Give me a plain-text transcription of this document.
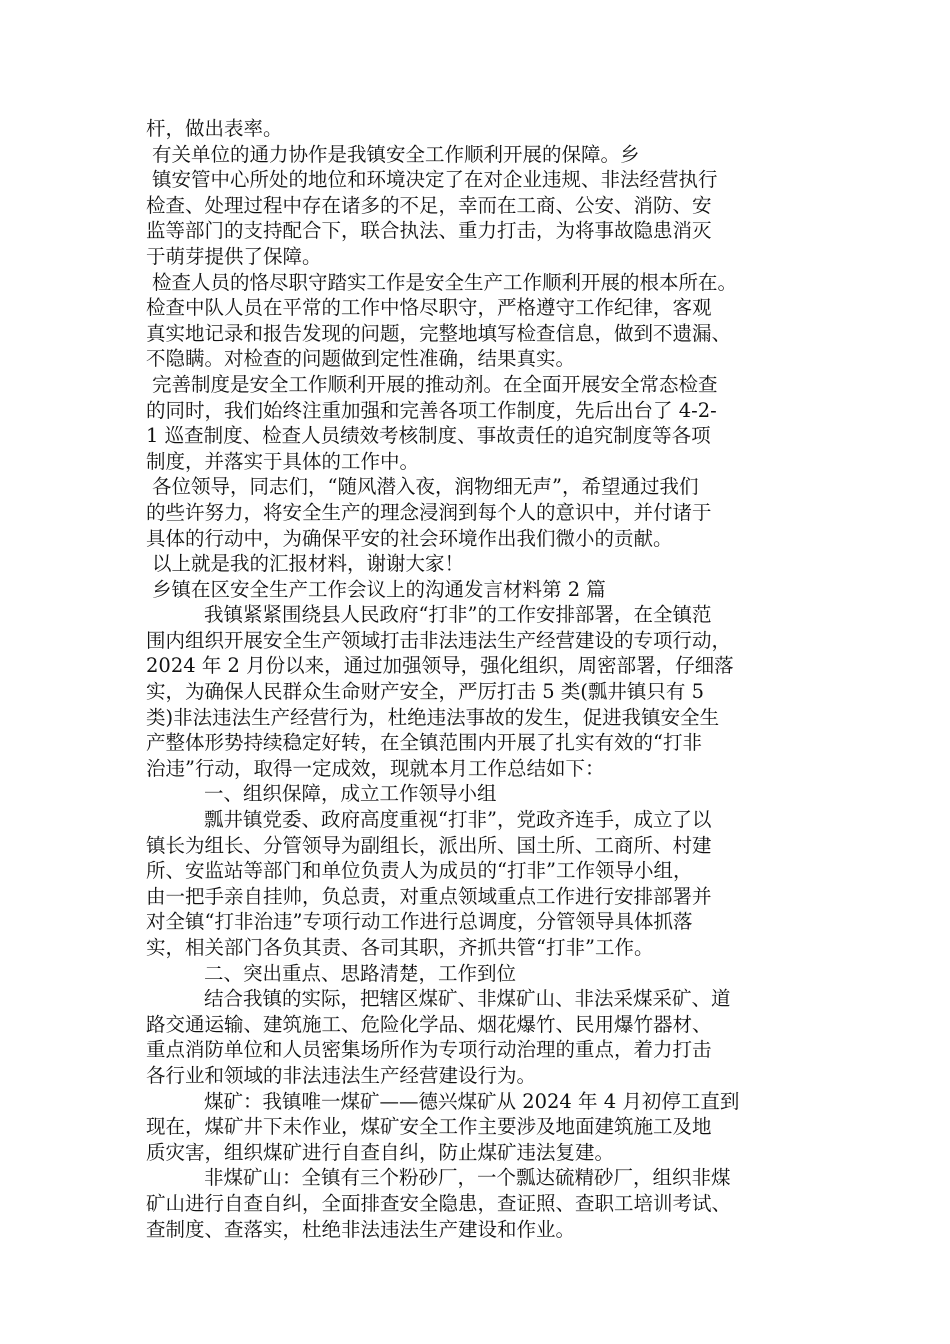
杆，做出表率。
有关单位的通力协作是我镇安全工作顺利开展的保障。乡
镇安管中心所处的地位和环境决定了在对企业违规、非法经营执行
检查、处理过程中存在诸多的不足，幸而在工商、公安、消防、安
监等部门的支持配合下，联合执法、重力打击，为将事故隐患消灭
于萌芽提供了保障。
检查人员的恪尽职守踏实工作是安全生产工作顺利开展的根本所在。
检查中队人员在平常的工作中恪尽职守，严格遵守工作纪律，客观
真实地记录和报告发现的问题，完整地填写检查信息，做到不遗漏、
不隐瞒。对检查的问题做到定性准确，结果真实。
完善制度是安全工作顺利开展的推动剂。在全面开展安全常态检查
的同时，我们始终注重加强和完善各项工作制度，先后出台了 4-2-
1 巡查制度、检查人员绩效考核制度、事故责任的追究制度等各项
制度，并落实于具体的工作中。
各位领导，同志们，“随风潜入夜，润物细无声”，希望通过我们
的些许努力，将安全生产的理念浸润到每个人的意识中，并付诸于
具体的行动中，为确保平安的社会环境作出我们微小的贡献。
以上就是我的汇报材料，谢谢大家！
乡镇在区安全生产工作会议上的沟通发言材料第 2 篇
我镇紧紧围绕县人民政府“打非”的工作安排部署，在全镇范
围内组织开展安全生产领域打击非法违法生产经营建设的专项行动，
2024 年 2 月份以来，通过加强领导，强化组织，周密部署，仔细落
实，为确保人民群众生命财产安全，严厉打击 5 类(瓢井镇只有 5
类)非法违法生产经营行为，杜绝违法事故的发生，促进我镇安全生
产整体形势持续稳定好转，在全镇范围内开展了扎实有效的“打非
治违”行动，取得一定成效，现就本月工作总结如下：
一、组织保障，成立工作领导小组
瓢井镇党委、政府高度重视“打非”，党政齐连手，成立了以
镇长为组长、分管领导为副组长，派出所、国土所、工商所、村建
所、安监站等部门和单位负责人为成员的“打非”工作领导小组，
由一把手亲自挂帅，负总责，对重点领域重点工作进行安排部署并
对全镇“打非治违”专项行动工作进行总调度，分管领导具体抓落
实，相关部门各负其责、各司其职，齐抓共管“打非”工作。
二、突出重点、思路清楚，工作到位
结合我镇的实际，把辖区煤矿、非煤矿山、非法采煤采矿、道
路交通运输、建筑施工、危险化学品、烟花爆竹、民用爆竹器材、
重点消防单位和人员密集场所作为专项行动治理的重点，着力打击
各行业和领域的非法违法生产经营建设行为。
煤矿：我镇唯一煤矿——德兴煤矿从 2024 年 4 月初停工直到
现在，煤矿井下未作业，煤矿安全工作主要涉及地面建筑施工及地
质灾害，组织煤矿进行自查自纠，防止煤矿违法复建。
非煤矿山：全镇有三个粉砂厂，一个瓢达硫精砂厂，组织非煤
矿山进行自查自纠，全面排查安全隐患，查证照、查职工培训考试、
查制度、查落实，杜绝非法违法生产建设和作业。
